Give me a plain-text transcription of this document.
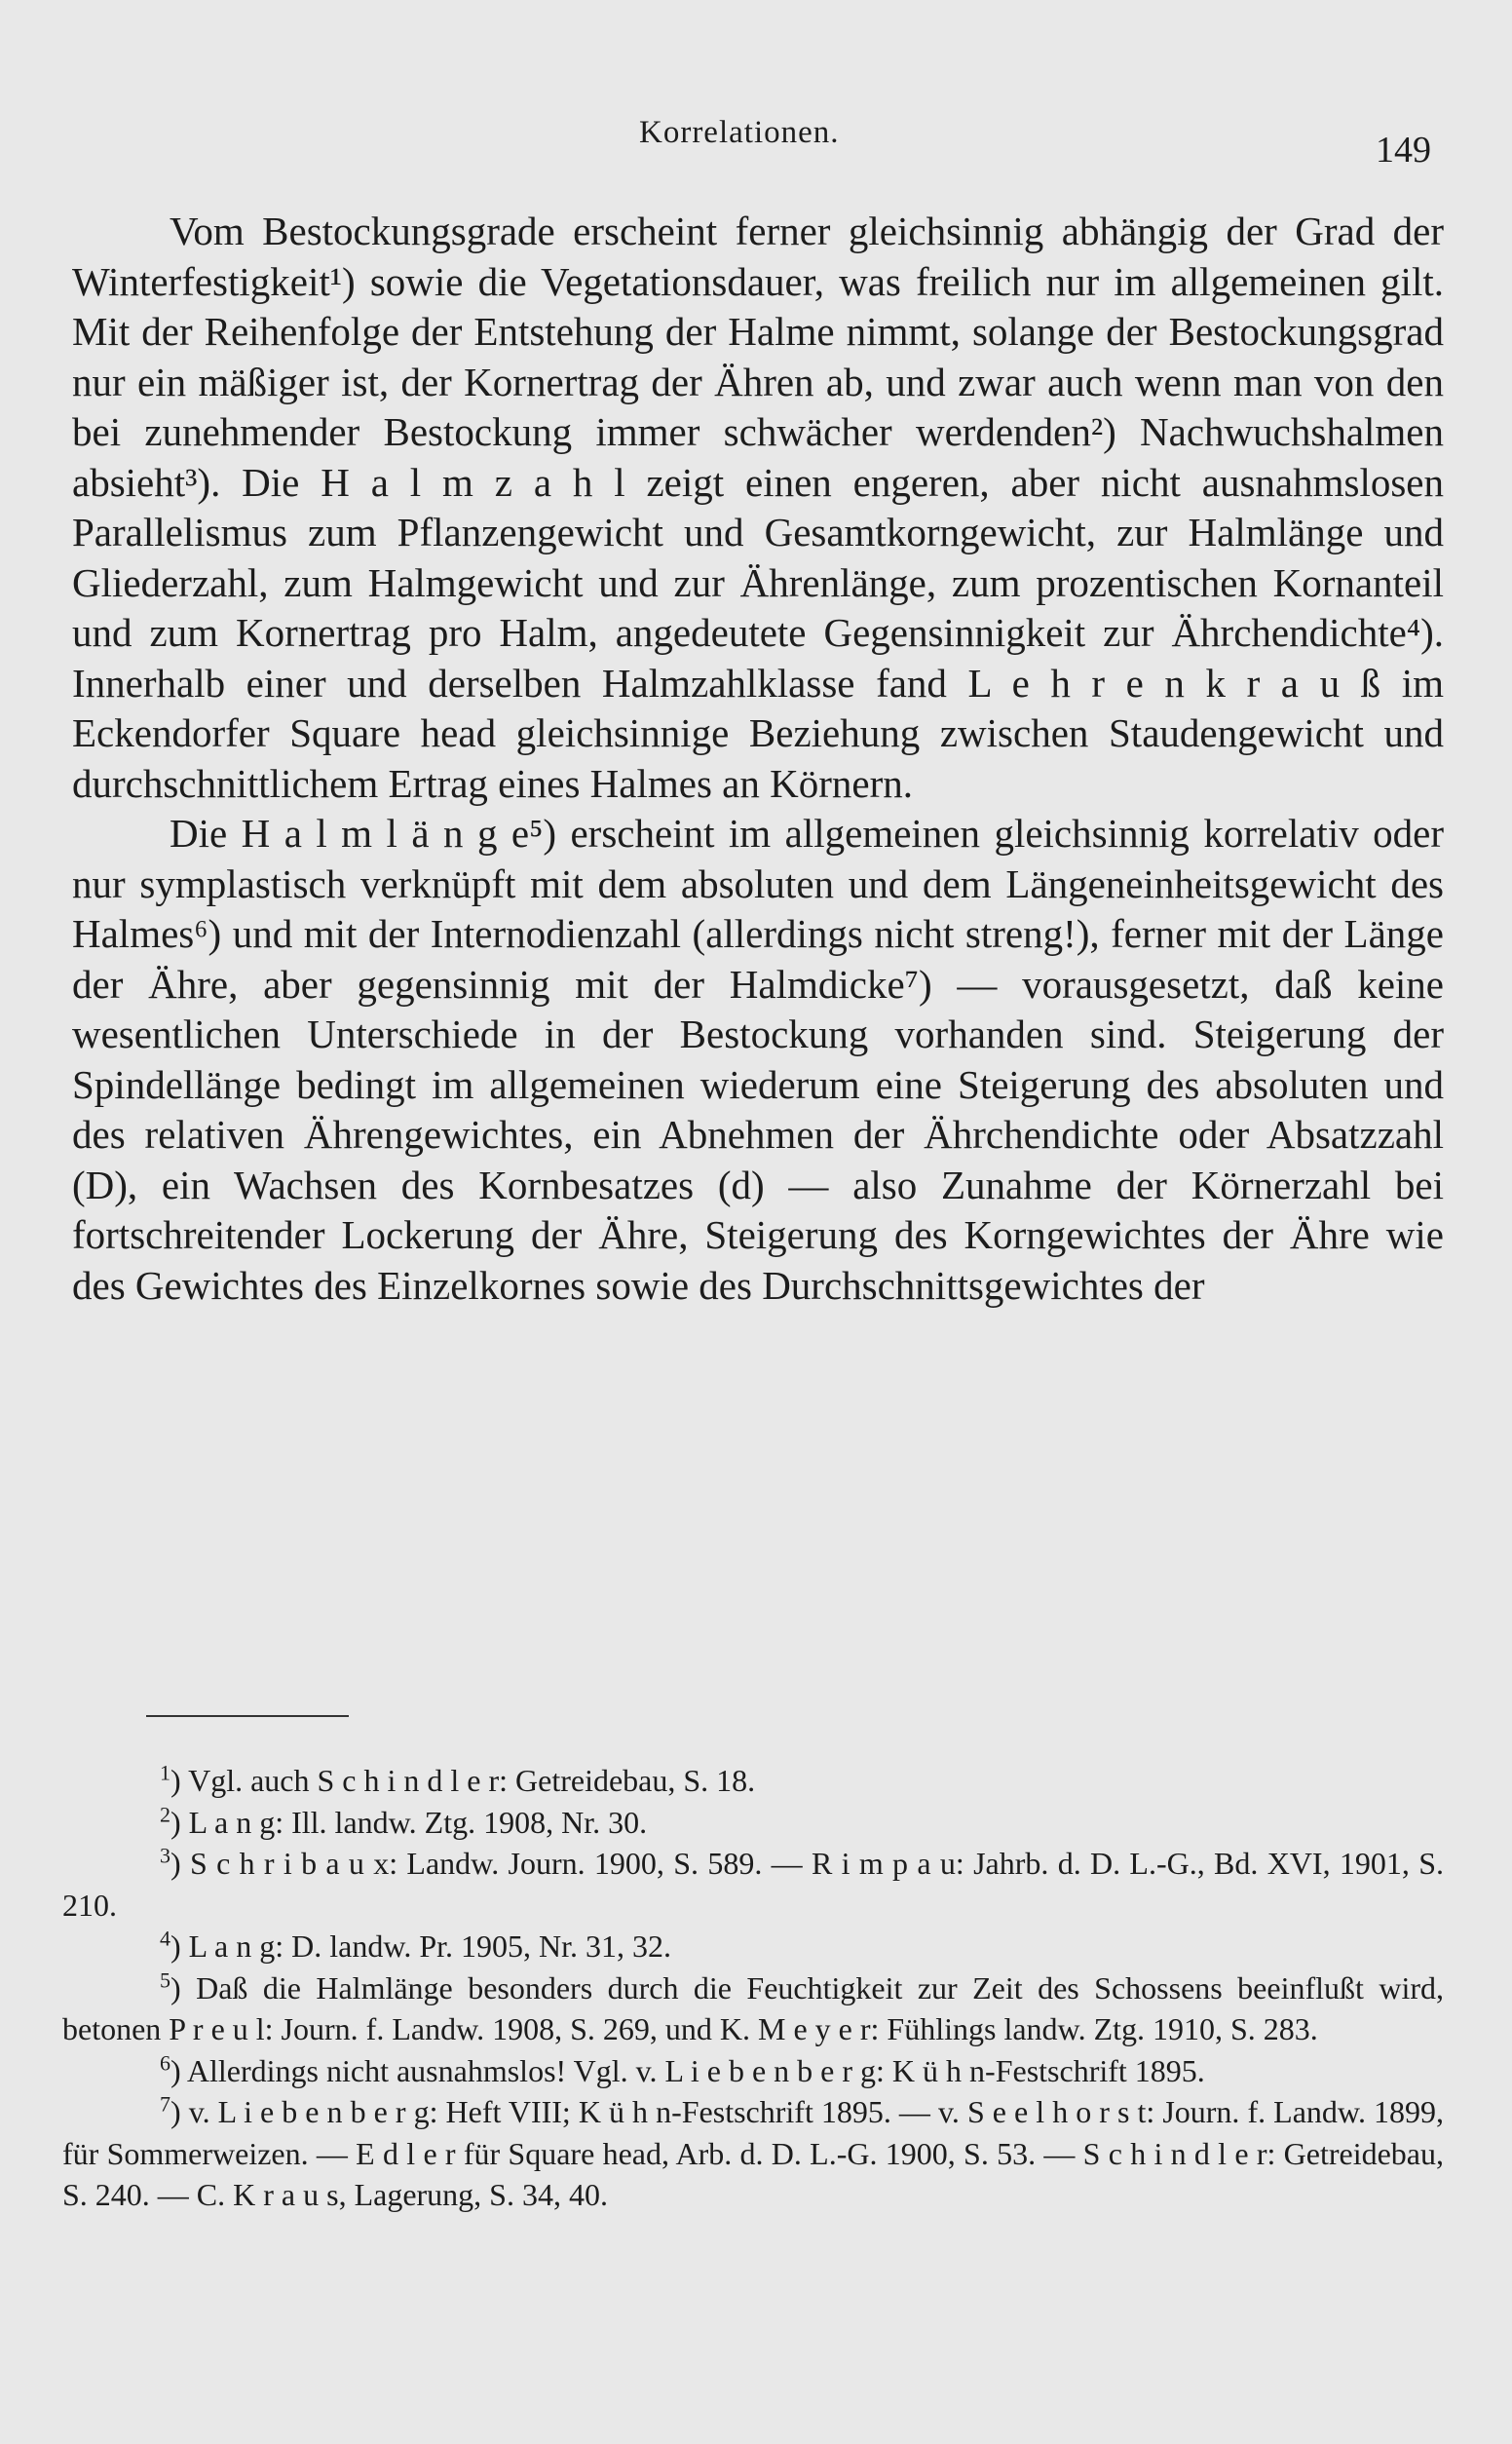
Korrelationen.	149

Vom Bestockungsgrade erscheint ferner gleichsinnig abhängig der Grad der Winterfestigkeit¹) sowie die Vegetationsdauer, was freilich nur im allgemeinen gilt. Mit der Reihenfolge der Entstehung der Halme nimmt, solange der Bestockungsgrad nur ein mäßiger ist, der Kornertrag der Ähren ab, und zwar auch wenn man von den bei zunehmender Bestockung immer schwächer werdenden²) Nachwuchshalmen absieht³). Die H a l m z a h l zeigt einen engeren, aber nicht ausnahmslosen Parallelismus zum Pflanzengewicht und Gesamtkorngewicht, zur Halmlänge und Gliederzahl, zum Halmgewicht und zur Ährenlänge, zum prozentischen Kornanteil und zum Kornertrag pro Halm, angedeutete Gegensinnigkeit zur Ährchendichte⁴). Innerhalb einer und derselben Halmzahlklasse fand L e h r e n k r a u ß im Eckendorfer Square head gleichsinnige Beziehung zwischen Staudengewicht und durchschnittlichem Ertrag eines Halmes an Körnern.

Die H a l m l ä n g e⁵) erscheint im allgemeinen gleichsinnig korrelativ oder nur symplastisch verknüpft mit dem absoluten und dem Längeneinheitsgewicht des Halmes⁶) und mit der Internodienzahl (allerdings nicht streng!), ferner mit der Länge der Ähre, aber gegensinnig mit der Halmdicke⁷) — vorausgesetzt, daß keine wesentlichen Unterschiede in der Bestockung vorhanden sind. Steigerung der Spindellänge bedingt im allgemeinen wiederum eine Steigerung des absoluten und des relativen Ährengewichtes, ein Abnehmen der Ährchendichte oder Absatzzahl (D), ein Wachsen des Kornbesatzes (d) — also Zunahme der Körnerzahl bei fortschreitender Lockerung der Ähre, Steigerung des Korngewichtes der Ähre wie des Gewichtes des Einzelkornes sowie des Durchschnittsgewichtes der

$^1$) Vgl. auch S c h i n d l e r: Getreidebau, S. 18.

$^2$) L a n g: Ill. landw. Ztg. 1908, Nr. 30.

$^3$) S c h r i b a u x: Landw. Journ. 1900, S. 589. — R i m p a u: Jahrb. d. D. L.-G., Bd. XVI, 1901, S. 210.

$^4$) L a n g: D. landw. Pr. 1905, Nr. 31, 32.

$^5$) Daß die Halmlänge besonders durch die Feuchtigkeit zur Zeit des Schossens beeinflußt wird, betonen P r e u l: Journ. f. Landw. 1908, S. 269, und K. M e y e r: Fühlings landw. Ztg. 1910, S. 283.

$^6$) Allerdings nicht ausnahmslos! Vgl. v. L i e b e n b e r g: K ü h n-Festschrift 1895.

$^7$) v. L i e b e n b e r g: Heft VIII; K ü h n-Festschrift 1895. — v. S e e l h o r s t: Journ. f. Landw. 1899, für Sommerweizen. — E d l e r für Square head, Arb. d. D. L.-G. 1900, S. 53. — S c h i n d l e r: Getreidebau, S. 240. — C. K r a u s, Lagerung, S. 34, 40.
